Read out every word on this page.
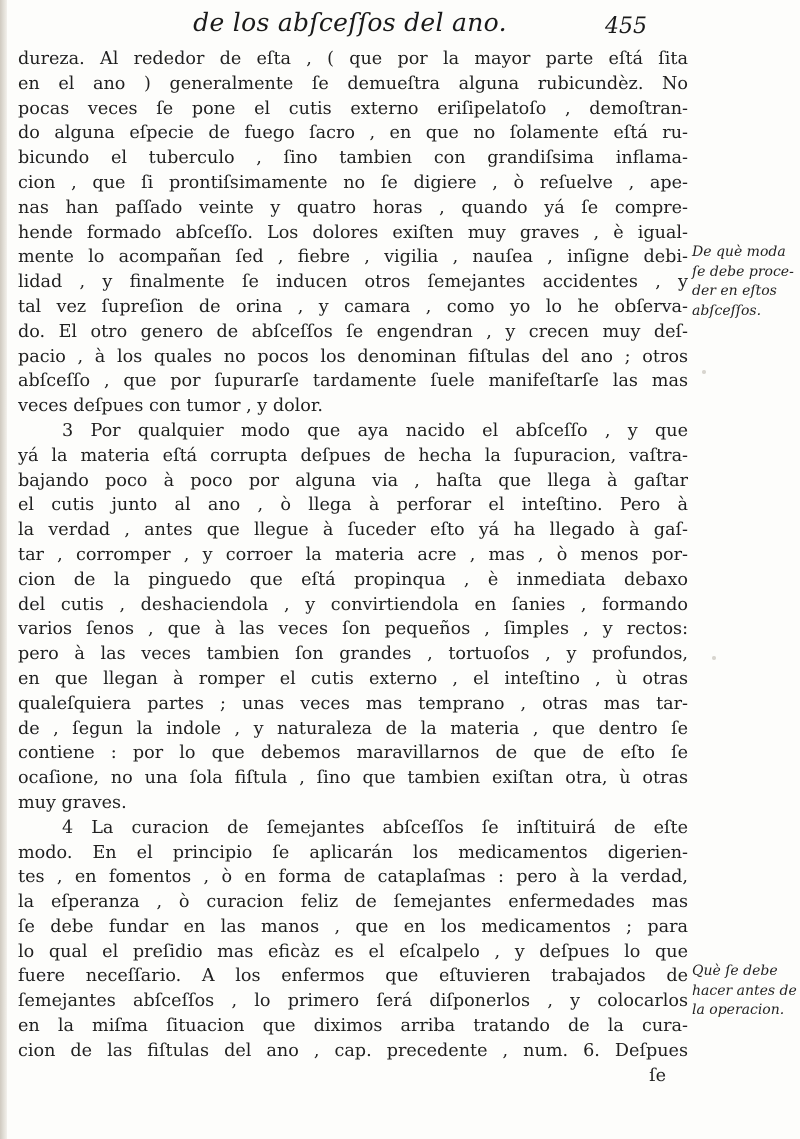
de los abſceſſos del ano.	455
dureza. Al rededor de eſta , ( que por la mayor parte eſtá ſita
en el ano ) generalmente ſe demueſtra alguna rubicundèz. No
pocas veces ſe pone el cutis externo eriſipelatoſo , demoſtran-
do alguna eſpecie de fuego ſacro , en que no ſolamente eſtá ru-
bicundo el tuberculo , ſino tambien con grandiſsima inflama-
cion , que ſi prontiſsimamente no ſe digiere , ò reſuelve , ape-
nas han paſſado veinte y quatro horas , quando yá ſe compre-
hende formado abſceſſo. Los dolores exiſten muy graves , è igual-
mente lo acompañan ſed , fiebre , vigilia , nauſea , inſigne debi-
lidad , y finalmente ſe inducen otros ſemejantes accidentes , y
tal vez ſupreſion de orina , y camara , como yo lo he obſerva-
do. El otro genero de abſceſſos ſe engendran , y crecen muy deſ-
pacio , à los quales no pocos los denominan fiſtulas del ano ; otros
abſceſſo , que por ſupurarſe tardamente ſuele manifeſtarſe las mas
veces deſpues con tumor , y dolor.
3 Por qualquier modo que aya nacido el abſceſſo , y que
yá la materia eſtá corrupta deſpues de hecha la ſupuracion, vaſtra-
bajando poco à poco por alguna via , haſta que llega à gaſtar
el cutis junto al ano , ò llega à perforar el inteſtino. Pero à
la verdad , antes que llegue à ſuceder eſto yá ha llegado à gaſ-
tar , corromper , y corroer la materia acre , mas , ò menos por-
cion de la pinguedo que eſtá propinqua , è inmediata debaxo
del cutis , deshaciendola , y convirtiendola en ſanies , formando
varios ſenos , que à las veces ſon pequeños , ſimples , y rectos:
pero à las veces tambien ſon grandes , tortuoſos , y profundos,
en que llegan à romper el cutis externo , el inteſtino , ù otras
qualeſquiera partes ; unas veces mas temprano , otras mas tar-
de , ſegun la indole , y naturaleza de la materia , que dentro ſe
contiene : por lo que debemos maravillarnos de que de eſto ſe
ocaſione, no una ſola fiſtula , ſino que tambien exiſtan otra, ù otras
muy graves.
4 La curacion de ſemejantes abſceſſos ſe inſtituirá de eſte
modo. En el principio ſe aplicarán los medicamentos digerien-
tes , en fomentos , ò en forma de cataplaſmas : pero à la verdad,
la eſperanza , ò curacion feliz de ſemejantes enfermedades mas
ſe debe fundar en las manos , que en los medicamentos ; para
lo qual el preſidio mas eficàz es el eſcalpelo , y deſpues lo que
fuere neceſſario. A los enfermos que eſtuvieren trabajados de
ſemejantes abſceſſos , lo primero ſerá diſponerlos , y colocarlos
en la miſma ſituacion que diximos arriba tratando de la cura-
cion de las fiſtulas del ano , cap. precedente , num. 6. Deſpues
ſe
De què moda
ſe debe proce-
der en eſtos
abſceſſos.
Què ſe debe
hacer antes de
la operacion.
